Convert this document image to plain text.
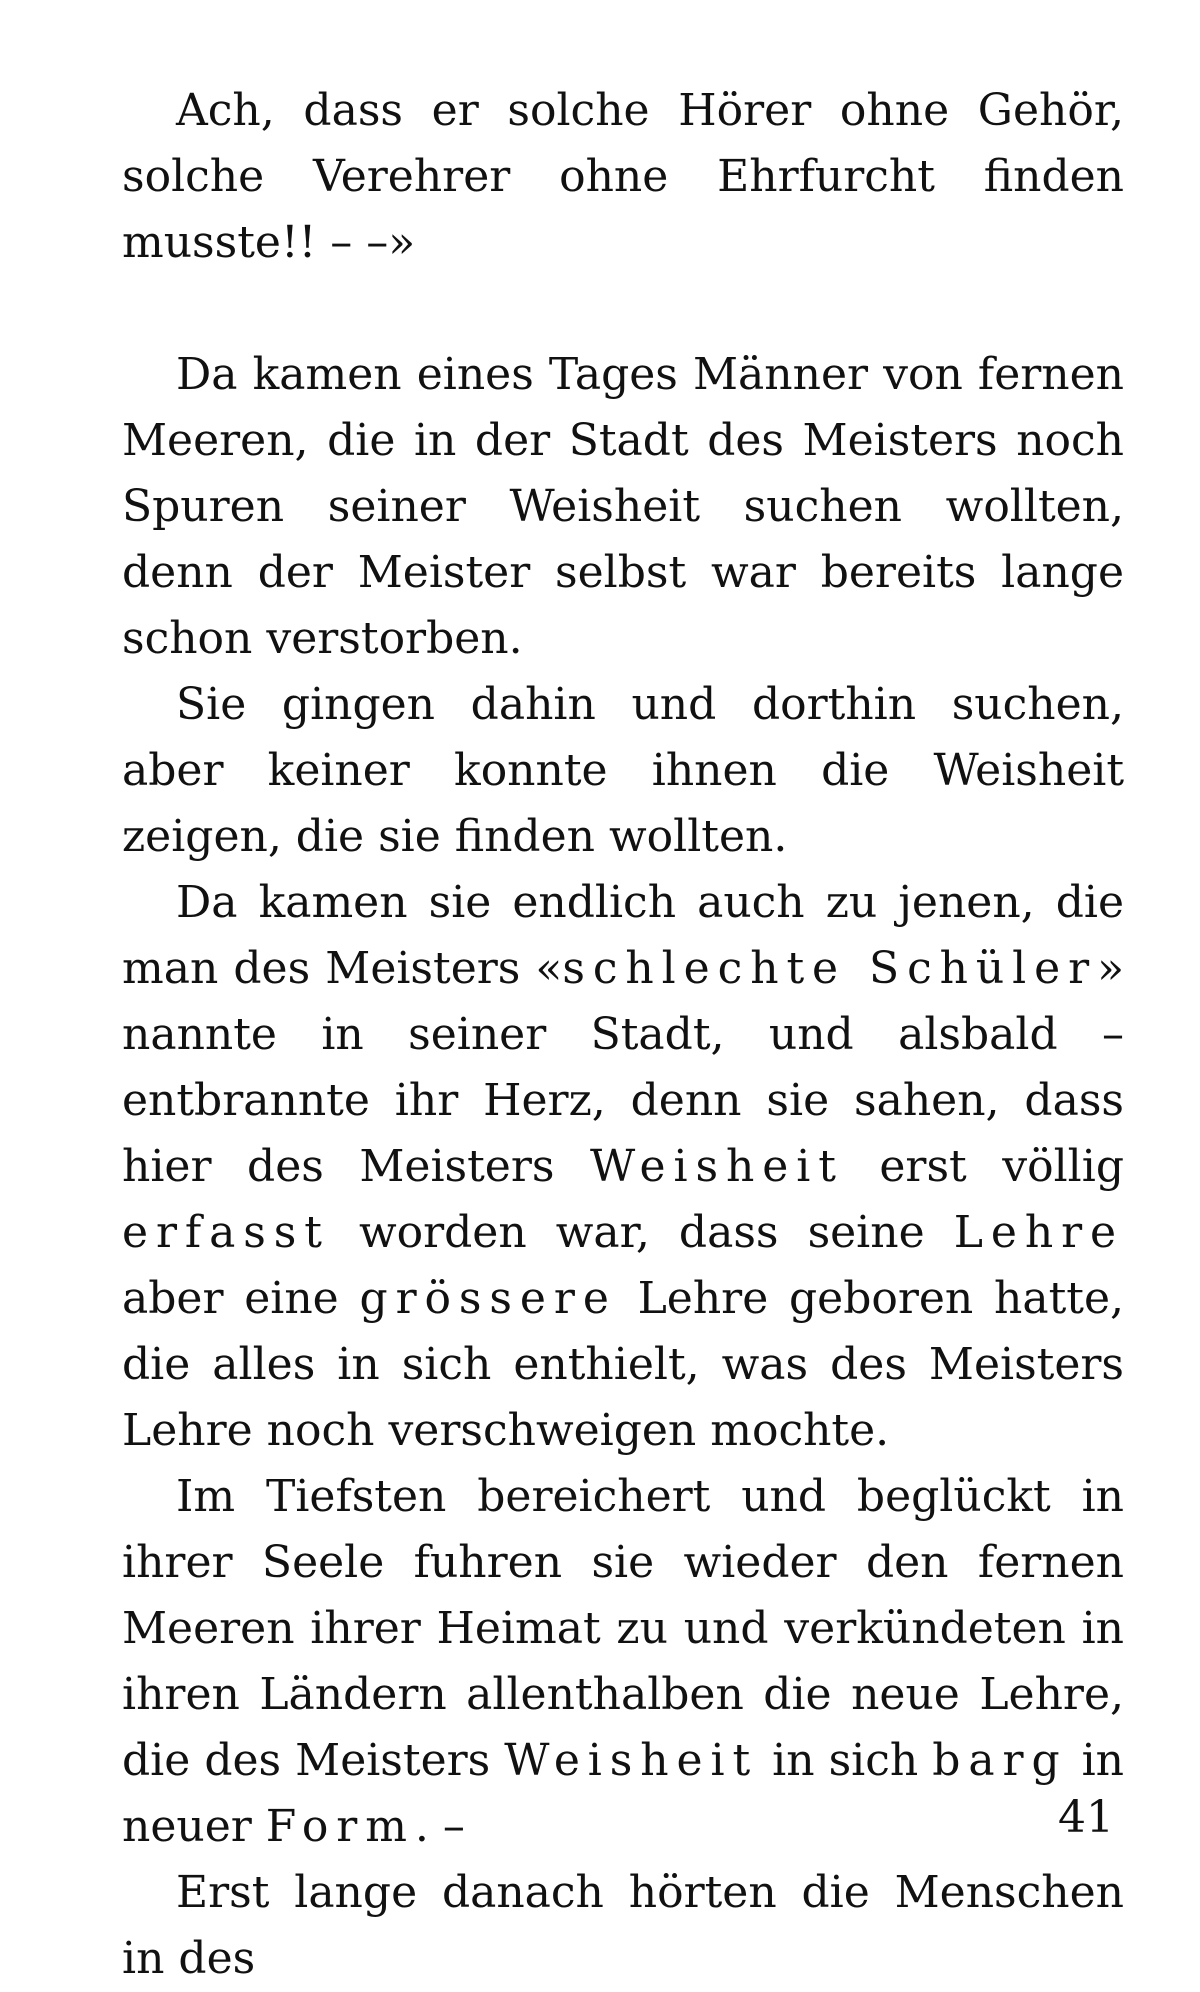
Ach, dass er solche Hörer ohne Gehör, solche Verehrer ohne Ehrfurcht finden musste!! – –»

Da kamen eines Tages Männer von fernen Meeren, die in der Stadt des Meisters noch Spuren seiner Weisheit suchen wollten, denn der Meister selbst war bereits lange schon verstorben.

Sie gingen dahin und dorthin suchen, aber keiner konnte ihnen die Weisheit zeigen, die sie finden wollten.

Da kamen sie endlich auch zu jenen, die man des Meisters «schlechte Schüler» nannte in seiner Stadt, und alsbald – entbrannte ihr Herz, denn sie sahen, dass hier des Meisters Weisheit erst völlig erfasst worden war, dass seine Lehre aber eine grössere Lehre geboren hatte, die alles in sich enthielt, was des Meisters Lehre noch verschweigen mochte.

Im Tiefsten bereichert und beglückt in ihrer Seele fuhren sie wieder den fernen Meeren ihrer Heimat zu und verkündeten in ihren Ländern allenthalben die neue Lehre, die des Meisters Weisheit in sich barg in neuer Form. –

Erst lange danach hörten die Menschen in des

41
